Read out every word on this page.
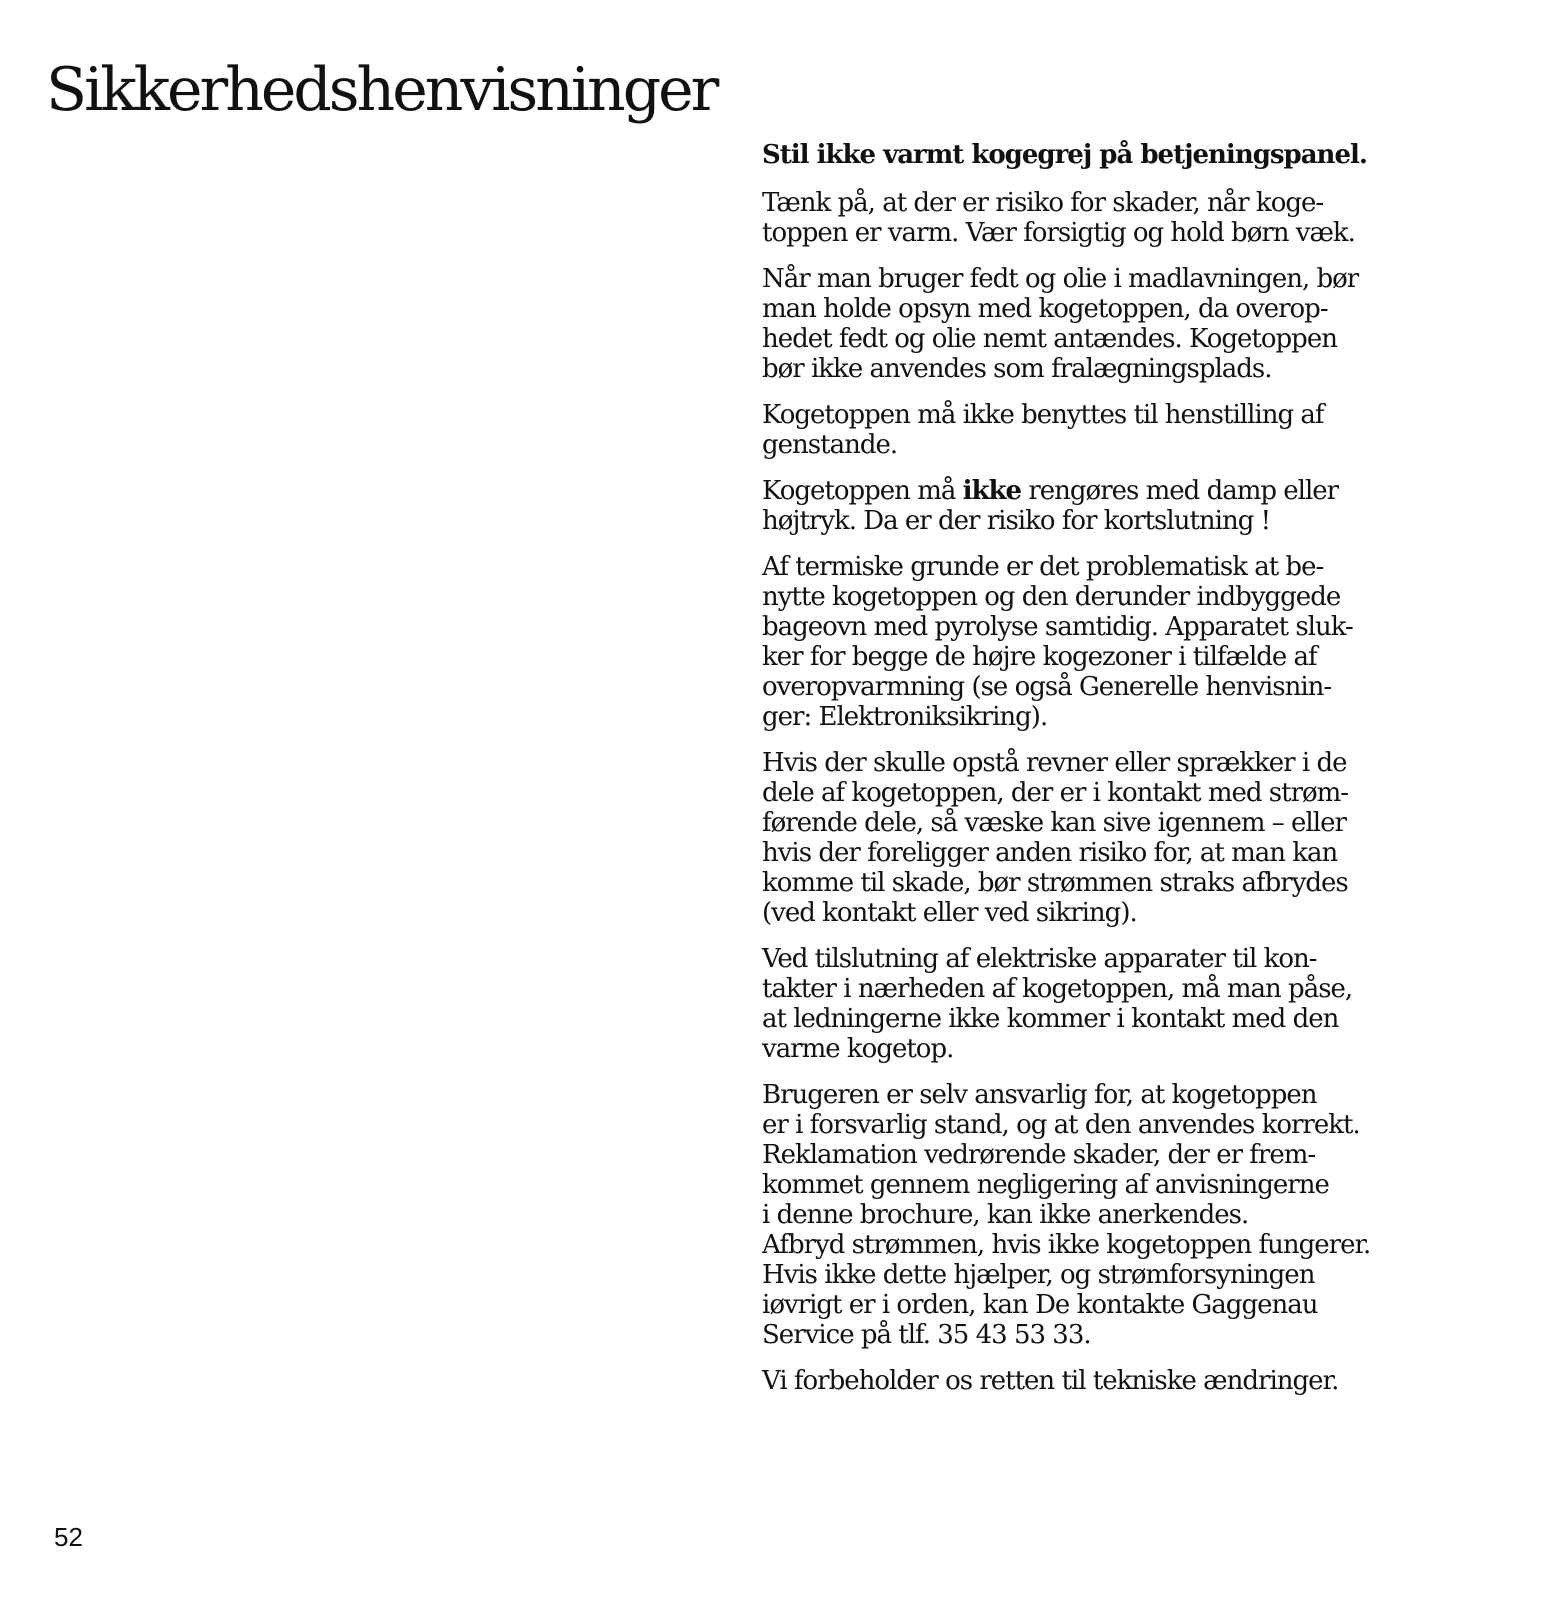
Sikkerhedshenvisninger

Stil ikke varmt kogegrej på betjeningspanel.

Tænk på, at der er risiko for skader, når koge-
toppen er varm. Vær forsigtig og hold børn væk.

Når man bruger fedt og olie i madlavningen, bør
man holde opsyn med kogetoppen, da overop-
hedet fedt og olie nemt antændes. Kogetoppen
bør ikke anvendes som fralægningsplads.

Kogetoppen må ikke benyttes til henstilling af
genstande.

Kogetoppen må ikke rengøres med damp eller
højtryk. Da er der risiko for kortslutning !

Af termiske grunde er det problematisk at be-
nytte kogetoppen og den derunder indbyggede
bageovn med pyrolyse samtidig. Apparatet sluk-
ker for begge de højre kogezoner i tilfælde af
overopvarmning (se også Generelle henvisnin-
ger: Elektroniksikring).

Hvis der skulle opstå revner eller sprækker i de
dele af kogetoppen, der er i kontakt med strøm-
førende dele, så væske kan sive igennem – eller
hvis der foreligger anden risiko for, at man kan
komme til skade, bør strømmen straks afbrydes
(ved kontakt eller ved sikring).

Ved tilslutning af elektriske apparater til kon-
takter i nærheden af kogetoppen, må man påse,
at ledningerne ikke kommer i kontakt med den
varme kogetop.

Brugeren er selv ansvarlig for, at kogetoppen
er i forsvarlig stand, og at den anvendes korrekt.
Reklamation vedrørende skader, der er frem-
kommet gennem negligering af anvisningerne
i denne brochure, kan ikke anerkendes.
Afbryd strømmen, hvis ikke kogetoppen fungerer.
Hvis ikke dette hjælper, og strømforsyningen
iøvrigt er i orden, kan De kontakte Gaggenau
Service på tlf. 35 43 53 33.

Vi forbeholder os retten til tekniske ændringer.

52
